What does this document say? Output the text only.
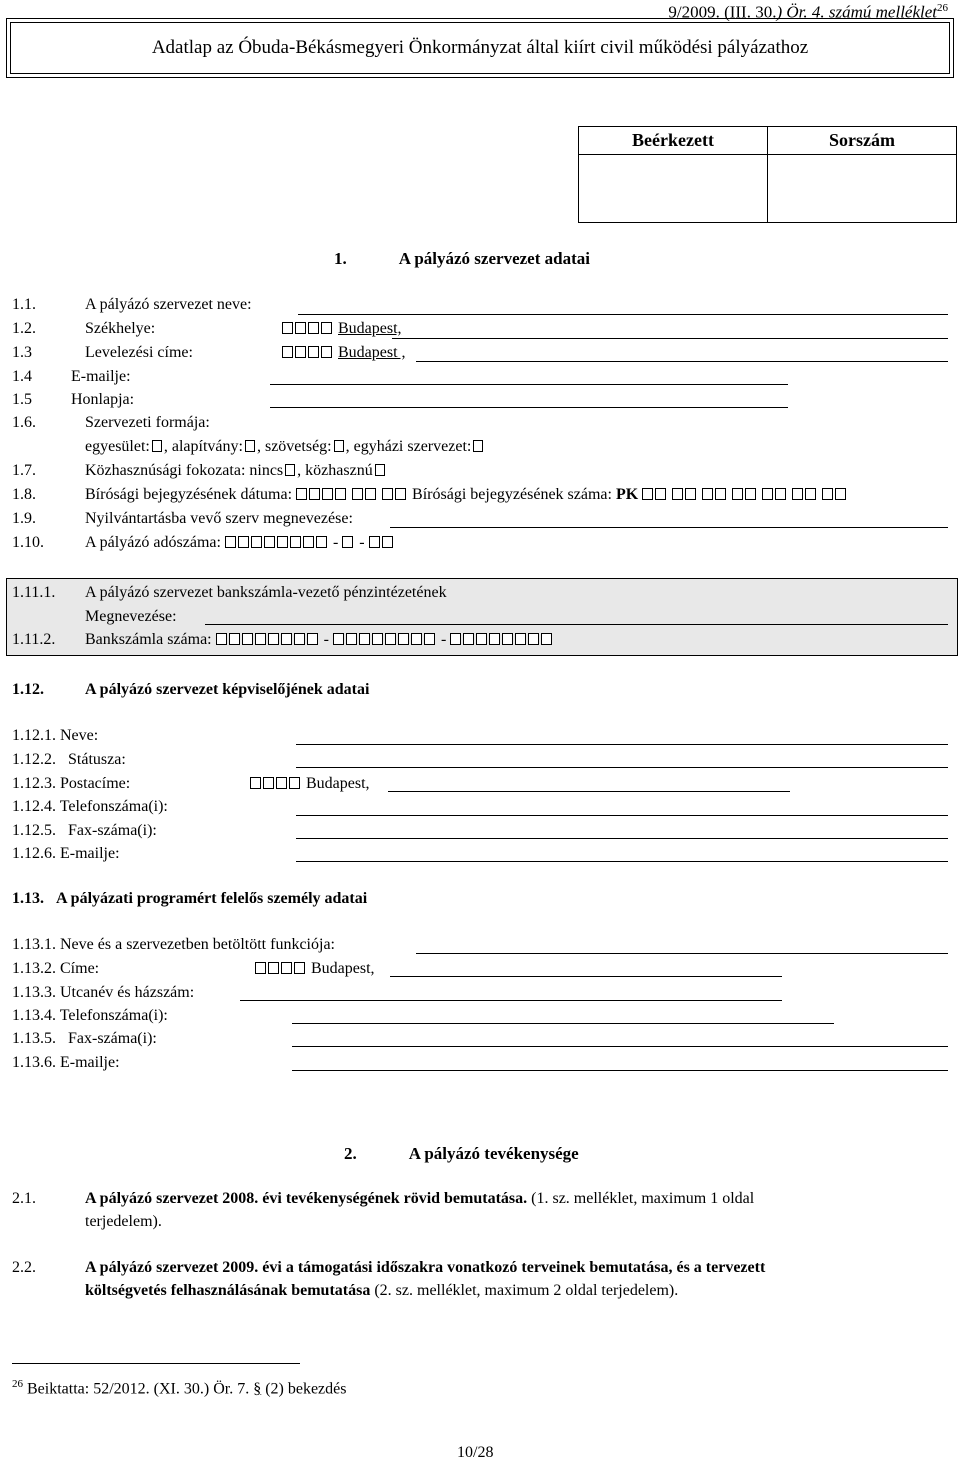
9/2009. (III. 30.) Ör. 4. számú melléklet$^{26}$
Adatlap az Óbuda-Békásmegyeri Önkormányzat által kiírt civil működési pályázathoz
Beérkezett	Sorszám

1.	A pályázó szervezet adatai
1.1.	A pályázó szervezet neve:
1.2.	Székhelye:	Budapest,
1.3	Levelezési címe:	Budapest ,
1.4 E-mailje:
1.5 Honlapja:
1.6.	Szervezeti formája:
egyesület: , alapítvány: , szövetség: , egyházi szervezet:
1.7.	Közhasznúsági fokozata: nincs , közhasznú
1.8.	Bírósági bejegyzésének dátuma:	Bírósági bejegyzésének száma: PK
1.9.	Nyilvántartásba vevő szerv megnevezése:
1.10.	A pályázó adószáma:	- -
1.11.1. A pályázó szervezet bankszámla-vezető pénzintézetének
Megnevezése:
1.11.2. Bankszámla száma:	-	-
1.12.	A pályázó szervezet képviselőjének adatai
1.12.1. Neve:
1.12.2. Státusza:
1.12.3. Postacíme:	Budapest,
1.12.4. Telefonszáma(i):
1.12.5. Fax-száma(i):
1.12.6. E-mailje:
1.13. A pályázati programért felelős személy adatai
1.13.1. Neve és a szervezetben betöltött funkciója:
1.13.2. Címe:	Budapest,
1.13.3. Utcanév és házszám:
1.13.4. Telefonszáma(i):
1.13.5. Fax-száma(i):
1.13.6. E-mailje:
2.	A pályázó tevékenysége
2.1.	A pályázó szervezet 2008. évi tevékenységének rövid bemutatása. (1. sz. melléklet, maximum 1 oldal
terjedelem).
2.2.	A pályázó szervezet 2009. évi a támogatási időszakra vonatkozó terveinek bemutatása, és a tervezett
költségvetés felhasználásának bemutatása (2. sz. melléklet, maximum 2 oldal terjedelem).
$^{26}$ Beiktatta: 52/2012. (XI. 30.) Ör. 7. § (2) bekezdés
10/28
